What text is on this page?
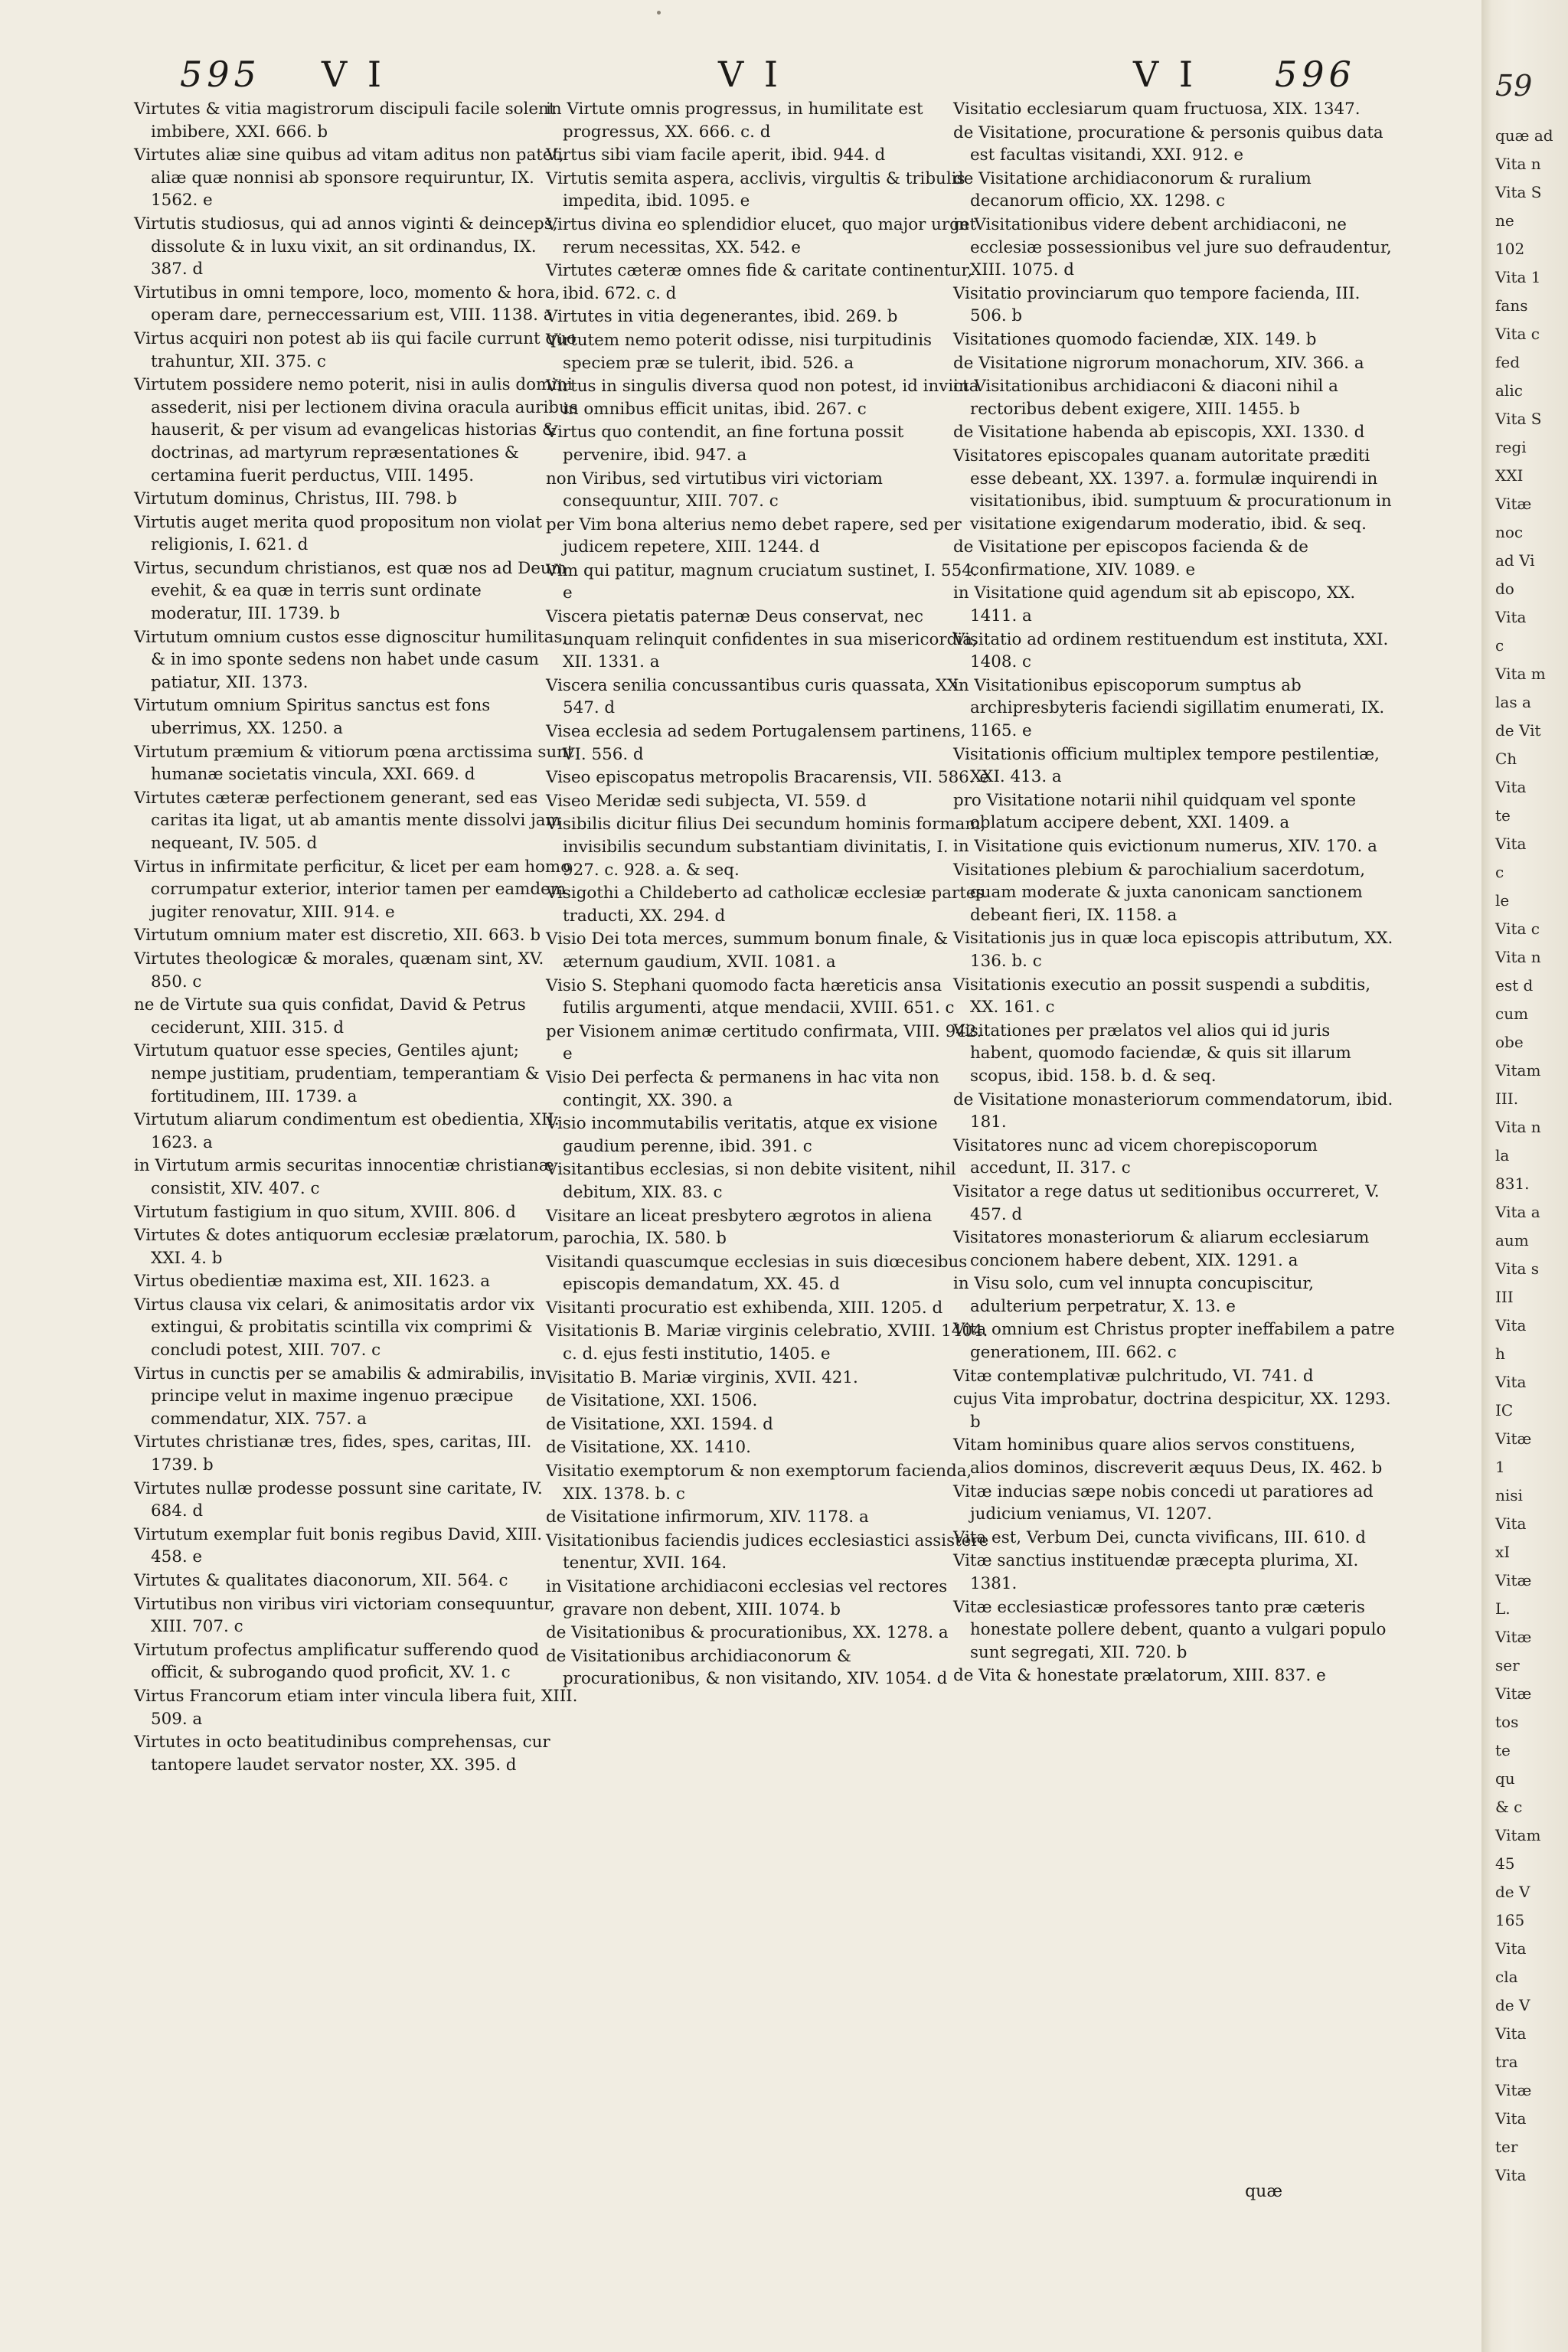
595 V I	V I	V I 596
Virtutes & vitia magistrorum discipuli facile solent imbibere, XXI. 666. b
Virtutes aliæ sine quibus ad vitam aditus non patet, aliæ quæ nonnisi ab sponsore requiruntur, IX. 1562. e
Virtutis studiosus, qui ad annos viginti & deinceps, dissolute & in luxu vixit, an sit ordinandus, IX. 387. d
Virtutibus in omni tempore, loco, momento & hora, operam dare, perneccessarium est, VIII. 1138. a
Virtus acquiri non potest ab iis qui facile currunt quo trahuntur, XII. 375. c
Virtutem possidere nemo poterit, nisi in aulis domini assederit, nisi per lectionem divina oracula auribus hauserit, & per visum ad evangelicas historias & doctrinas, ad martyrum repræsentationes & certamina fuerit perductus, VIII. 1495.
Virtutum dominus, Christus, III. 798. b
Virtutis auget merita quod propositum non violat religionis, I. 621. d
Virtus, secundum christianos, est quæ nos ad Deum evehit, & ea quæ in terris sunt ordinate moderatur, III. 1739. b
Virtutum omnium custos esse dignoscitur humilitas, & in imo sponte sedens non habet unde casum patiatur, XII. 1373.
Virtutum omnium Spiritus sanctus est fons uberrimus, XX. 1250. a
Virtutum præmium & vitiorum pœna arctissima sunt humanæ societatis vincula, XXI. 669. d
Virtutes cæteræ perfectionem generant, sed eas caritas ita ligat, ut ab amantis mente dissolvi jam nequeant, IV. 505. d
Virtus in infirmitate perficitur, & licet per eam homo corrumpatur exterior, interior tamen per eamdem jugiter renovatur, XIII. 914. e
Virtutum omnium mater est discretio, XII. 663. b
Virtutes theologicæ & morales, quænam sint, XV. 850. c
ne de Virtute sua quis confidat, David & Petrus ceciderunt, XIII. 315. d
Virtutum quatuor esse species, Gentiles ajunt; nempe justitiam, prudentiam, temperantiam & fortitudinem, III. 1739. a
Virtutum aliarum condimentum est obedientia, XII. 1623. a
in Virtutum armis securitas innocentiæ christianæ consistit, XIV. 407. c
Virtutum fastigium in quo situm, XVIII. 806. d
Virtutes & dotes antiquorum ecclesiæ prælatorum, XXI. 4. b
Virtus obedientiæ maxima est, XII. 1623. a
Virtus clausa vix celari, & animositatis ardor vix extingui, & probitatis scintilla vix comprimi & concludi potest, XIII. 707. c
Virtus in cunctis per se amabilis & admirabilis, in principe velut in maxime ingenuo præcipue commendatur, XIX. 757. a
Virtutes christianæ tres, fides, spes, caritas, III. 1739. b
Virtutes nullæ prodesse possunt sine caritate, IV. 684. d
Virtutum exemplar fuit bonis regibus David, XIII. 458. e
Virtutes & qualitates diaconorum, XII. 564. c
Virtutibus non viribus viri victoriam consequuntur, XIII. 707. c
Virtutum profectus amplificatur sufferendo quod officit, & subrogando quod proficit, XV. 1. c
Virtus Francorum etiam inter vincula libera fuit, XIII. 509. a
Virtutes in octo beatitudinibus comprehensas, cur tantopere laudet servator noster, XX. 395. d
in Virtute omnis progressus, in humilitate est progressus, XX. 666. c. d
Virtus sibi viam facile aperit, ibid. 944. d
Virtutis semita aspera, acclivis, virgultis & tribulis impedita, ibid. 1095. e
Virtus divina eo splendidior elucet, quo major urget rerum necessitas, XX. 542. e
Virtutes cæteræ omnes fide & caritate continentur, ibid. 672. c. d
Virtutes in vitia degenerantes, ibid. 269. b
Virtutem nemo poterit odisse, nisi turpitudinis speciem præ se tulerit, ibid. 526. a
Virtus in singulis diversa quod non potest, id invicta in omnibus efficit unitas, ibid. 267. c
Virtus quo contendit, an fine fortuna possit pervenire, ibid. 947. a
non Viribus, sed virtutibus viri victoriam consequuntur, XIII. 707. c
per Vim bona alterius nemo debet rapere, sed per judicem repetere, XIII. 1244. d
Vim qui patitur, magnum cruciatum sustinet, I. 554. e
Viscera pietatis paternæ Deus conservat, nec unquam relinquit confidentes in sua misericordia, XII. 1331. a
Viscera senilia concussantibus curis quassata, XX. 547. d
Visea ecclesia ad sedem Portugalensem partinens, VI. 556. d
Viseo episcopatus metropolis Bracarensis, VII. 586. e
Viseo Meridæ sedi subjecta, VI. 559. d
Visibilis dicitur filius Dei secundum hominis formam, invisibilis secundum substantiam divinitatis, I. 927. c. 928. a. & seq.
Visigothi a Childeberto ad catholicæ ecclesiæ partes traducti, XX. 294. d
Visio Dei tota merces, summum bonum finale, & æternum gaudium, XVII. 1081. a
Visio S. Stephani quomodo facta hæreticis ansa futilis argumenti, atque mendacii, XVIII. 651. c
per Visionem animæ certitudo confirmata, VIII. 942. e
Visio Dei perfecta & permanens in hac vita non contingit, XX. 390. a
Visio incommutabilis veritatis, atque ex visione gaudium perenne, ibid. 391. c
Visitantibus ecclesias, si non debite visitent, nihil debitum, XIX. 83. c
Visitare an liceat presbytero ægrotos in aliena parochia, IX. 580. b
Visitandi quascumque ecclesias in suis diœcesibus episcopis demandatum, XX. 45. d
Visitanti procuratio est exhibenda, XIII. 1205. d
Visitationis B. Mariæ virginis celebratio, XVIII. 1404. c. d. ejus festi institutio, 1405. e
Visitatio B. Mariæ virginis, XVII. 421.
de Visitatione, XXI. 1506.
de Visitatione, XXI. 1594. d
de Visitatione, XX. 1410.
Visitatio exemptorum & non exemptorum facienda, XIX. 1378. b. c
de Visitatione infirmorum, XIV. 1178. a
Visitationibus faciendis judices ecclesiastici assistere tenentur, XVII. 164.
in Visitatione archidiaconi ecclesias vel rectores gravare non debent, XIII. 1074. b
de Visitationibus & procurationibus, XX. 1278. a
de Visitationibus archidiaconorum & procurationibus, & non visitando, XIV. 1054. d
Visitatio ecclesiarum quam fructuosa, XIX. 1347.
de Visitatione, procuratione & personis quibus data est facultas visitandi, XXI. 912. e
de Visitatione archidiaconorum & ruralium decanorum officio, XX. 1298. c
in Visitationibus videre debent archidiaconi, ne ecclesiæ possessionibus vel jure suo defraudentur, XIII. 1075. d
Visitatio provinciarum quo tempore facienda, III. 506. b
Visitationes quomodo faciendæ, XIX. 149. b
de Visitatione nigrorum monachorum, XIV. 366. a
in Visitationibus archidiaconi & diaconi nihil a rectoribus debent exigere, XIII. 1455. b
de Visitatione habenda ab episcopis, XXI. 1330. d
Visitatores episcopales quanam autoritate præditi esse debeant, XX. 1397. a. formulæ inquirendi in visitationibus, ibid. sumptuum & procurationum in visitatione exigendarum moderatio, ibid. & seq.
de Visitatione per episcopos facienda & de confirmatione, XIV. 1089. e
in Visitatione quid agendum sit ab episcopo, XX. 1411. a
Visitatio ad ordinem restituendum est instituta, XXI. 1408. c
in Visitationibus episcoporum sumptus ab archipresbyteris faciendi sigillatim enumerati, IX. 1165. e
Visitationis officium multiplex tempore pestilentiæ, XXI. 413. a
pro Visitatione notarii nihil quidquam vel sponte oblatum accipere debent, XXI. 1409. a
in Visitatione quis evictionum numerus, XIV. 170. a
Visitationes plebium & parochialium sacerdotum, quam moderate & juxta canonicam sanctionem debeant fieri, IX. 1158. a
Visitationis jus in quæ loca episcopis attributum, XX. 136. b. c
Visitationis executio an possit suspendi a subditis, XX. 161. c
Visitationes per prælatos vel alios qui id juris habent, quomodo faciendæ, & quis sit illarum scopus, ibid. 158. b. d. & seq.
de Visitatione monasteriorum commendatorum, ibid. 181.
Visitatores nunc ad vicem chorepiscoporum accedunt, II. 317. c
Visitator a rege datus ut seditionibus occurreret, V. 457. d
Visitatores monasteriorum & aliarum ecclesiarum concionem habere debent, XIX. 1291. a
in Visu solo, cum vel innupta concupiscitur, adulterium perpetratur, X. 13. e
Vita omnium est Christus propter ineffabilem a patre generationem, III. 662. c
Vitæ contemplativæ pulchritudo, VI. 741. d
cujus Vita improbatur, doctrina despicitur, XX. 1293. b
Vitam hominibus quare alios servos constituens, alios dominos, discreverit æquus Deus, IX. 462. b
Vitæ inducias sæpe nobis concedi ut paratiores ad judicium veniamus, VI. 1207.
Vita est, Verbum Dei, cuncta vivificans, III. 610. d
Vitæ sanctius instituendæ præcepta plurima, XI. 1381.
Vitæ ecclesiasticæ professores tanto præ cæteris honestate pollere debent, quanto a vulgari populo sunt segregati, XII. 720. b
de Vita & honestate prælatorum, XIII. 837. e
quæ
59
quæ ad
Vita n
Vita S
ne
102
Vita 1
fans
Vita c
fed
alic
Vita S
regi
XXI
Vitæ
noc
ad Vi
do
Vita
c
Vita m
las a
de Vit
Ch
Vita
te
Vita
c
le
Vita c
Vita n
est d
cum
obe
Vitam
III.
Vita n
la
831.
Vita a
aum
Vita s
III
Vita
h
Vita
IC
Vitæ
1
nisi
Vita
xI
Vitæ
L.
Vitæ
ser
Vitæ
tos
te
qu
& c
Vitam
45
de V
165
Vita
cla
de V
Vita
tra
Vitæ
Vita
ter
Vita
